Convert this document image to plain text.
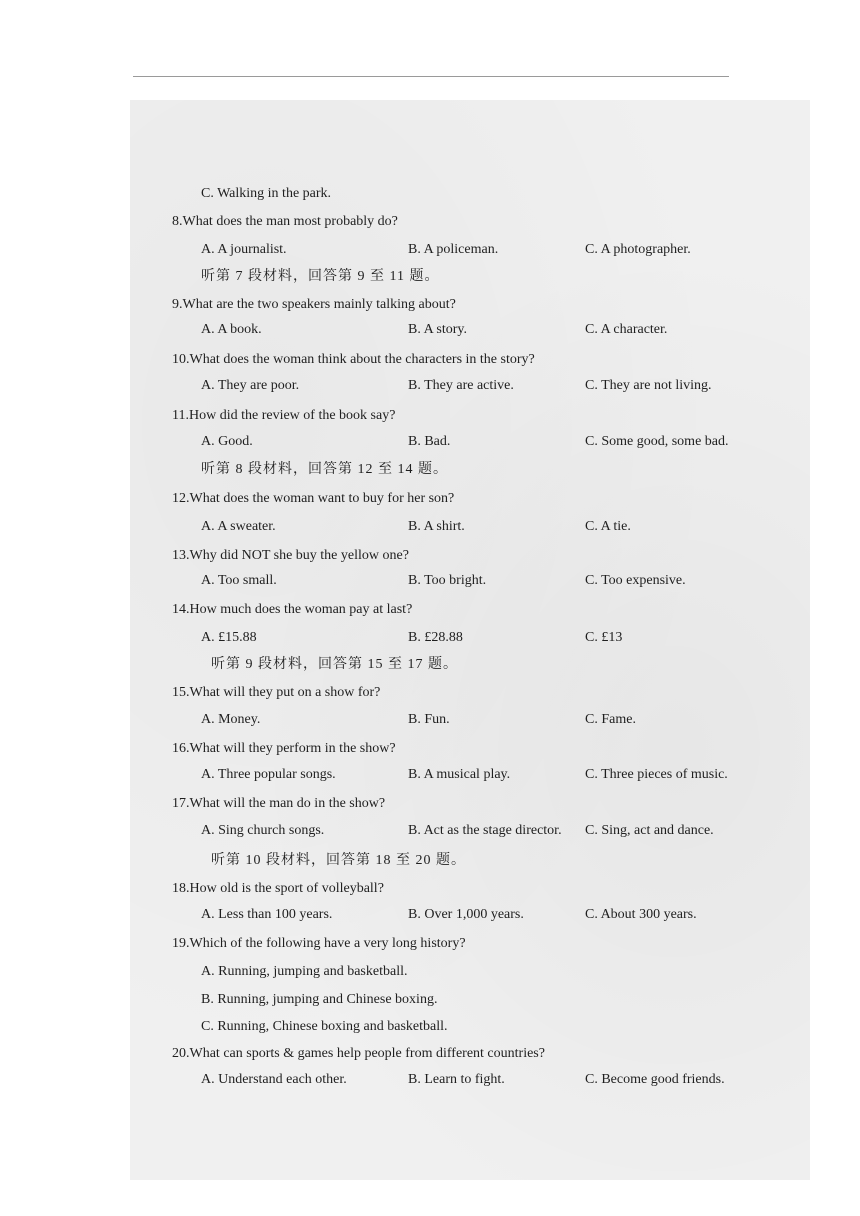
C. Walking in the park.
8.What does the man most probably do?
A. A journalist.	B. A policeman.	C. A photographer.
听第 7 段材料，回答第 9 至 11 题。
9.What are the two speakers mainly talking about?
A. A book.	B. A story.	C. A character.
10.What does the woman think about the characters in the story?
A. They are poor.	B. They are active.	C. They are not living.
11.How did the review of the book say?
A. Good.	B. Bad.	C. Some good, some bad.
听第 8 段材料，回答第 12 至 14 题。
12.What does the woman want to buy for her son?
A. A sweater.	B. A shirt.	C. A tie.
13.Why did NOT she buy the yellow one?
A. Too small.	B. Too bright.	C. Too expensive.
14.How much does the woman pay at last?
A. £15.88	B. £28.88	C. £13
听第 9 段材料，回答第 15 至 17 题。
15.What will they put on a show for?
A. Money.	B. Fun.	C. Fame.
16.What will they perform in the show?
A. Three popular songs.	B. A musical play.	C. Three pieces of music.
17.What will the man do in the show?
A. Sing church songs.	B. Act as the stage director. C. Sing, act and dance.
听第 10 段材料，回答第 18 至 20 题。
18.How old is the sport of volleyball?
A. Less than 100 years.	B. Over 1,000 years.	C. About 300 years.
19.Which of the following have a very long history?
A. Running, jumping and basketball.
B. Running, jumping and Chinese boxing.
C. Running, Chinese boxing and basketball.
20.What can sports & games help people from different countries?
A. Understand each other.	B. Learn to fight.	C. Become good friends.
